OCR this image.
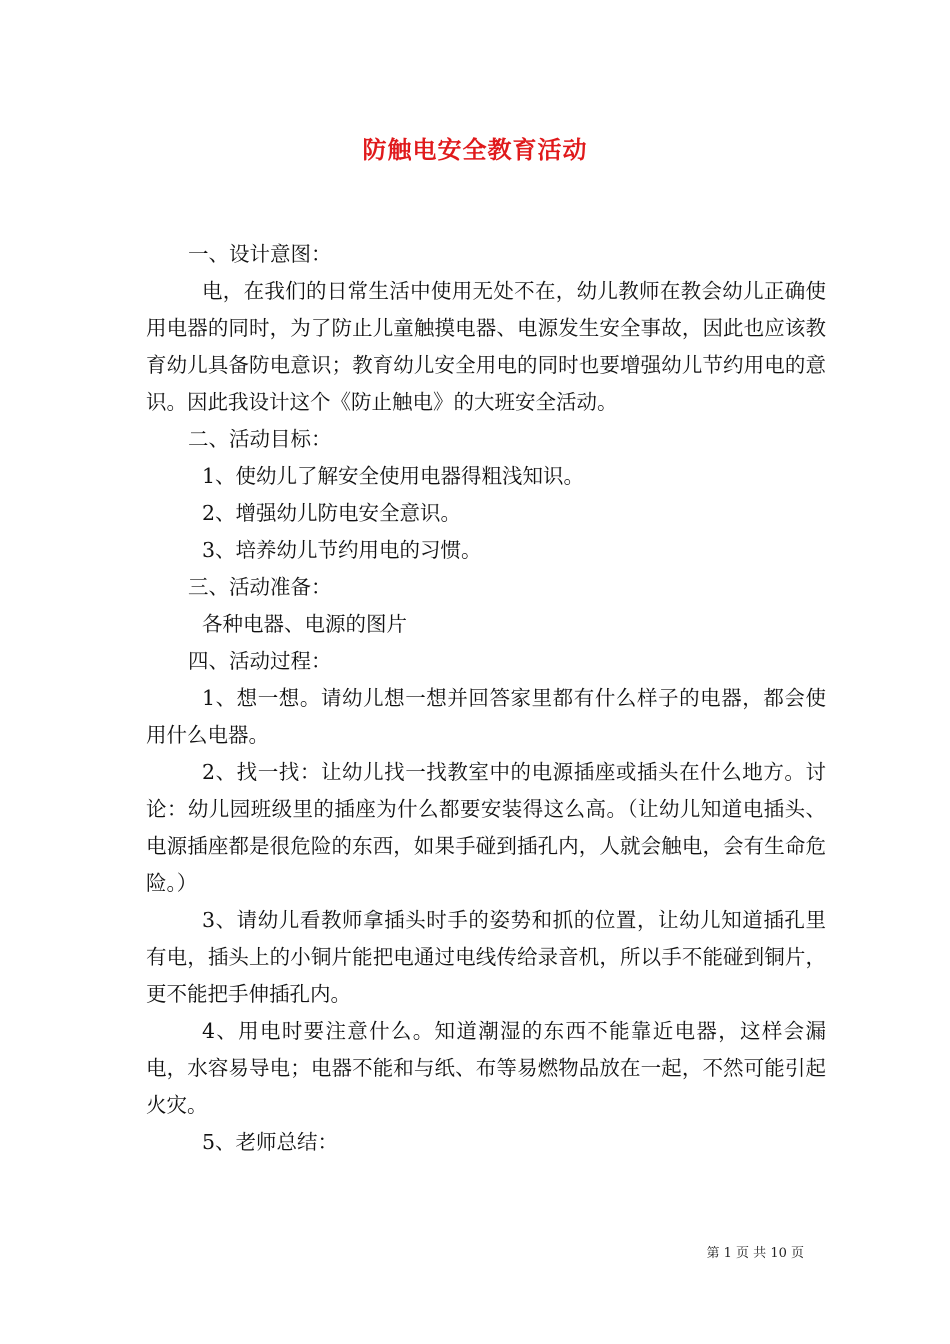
防触电安全教育活动

一、设计意图：

电，在我们的日常生活中使用无处不在，幼儿教师在教会幼儿正确使用电器的同时，为了防止儿童触摸电器、电源发生安全事故，因此也应该教育幼儿具备防电意识；教育幼儿安全用电的同时也要增强幼儿节约用电的意识。因此我设计这个《防止触电》的大班安全活动。

二、活动目标：

1、使幼儿了解安全使用电器得粗浅知识。

2、增强幼儿防电安全意识。

3、培养幼儿节约用电的习惯。

三、活动准备：

各种电器、电源的图片

四、活动过程：

1、想一想。请幼儿想一想并回答家里都有什么样子的电器，都会使用什么电器。

2、找一找：让幼儿找一找教室中的电源插座或插头在什么地方。讨论：幼儿园班级里的插座为什么都要安装得这么高。（让幼儿知道电插头、电源插座都是很危险的东西，如果手碰到插孔内，人就会触电，会有生命危险。）

3、请幼儿看教师拿插头时手的姿势和抓的位置，让幼儿知道插孔里有电，插头上的小铜片能把电通过电线传给录音机，所以手不能碰到铜片，更不能把手伸插孔内。

4、用电时要注意什么。知道潮湿的东西不能靠近电器，这样会漏电，水容易导电；电器不能和与纸、布等易燃物品放在一起，不然可能引起火灾。

5、老师总结：

第 1 页 共 10 页
